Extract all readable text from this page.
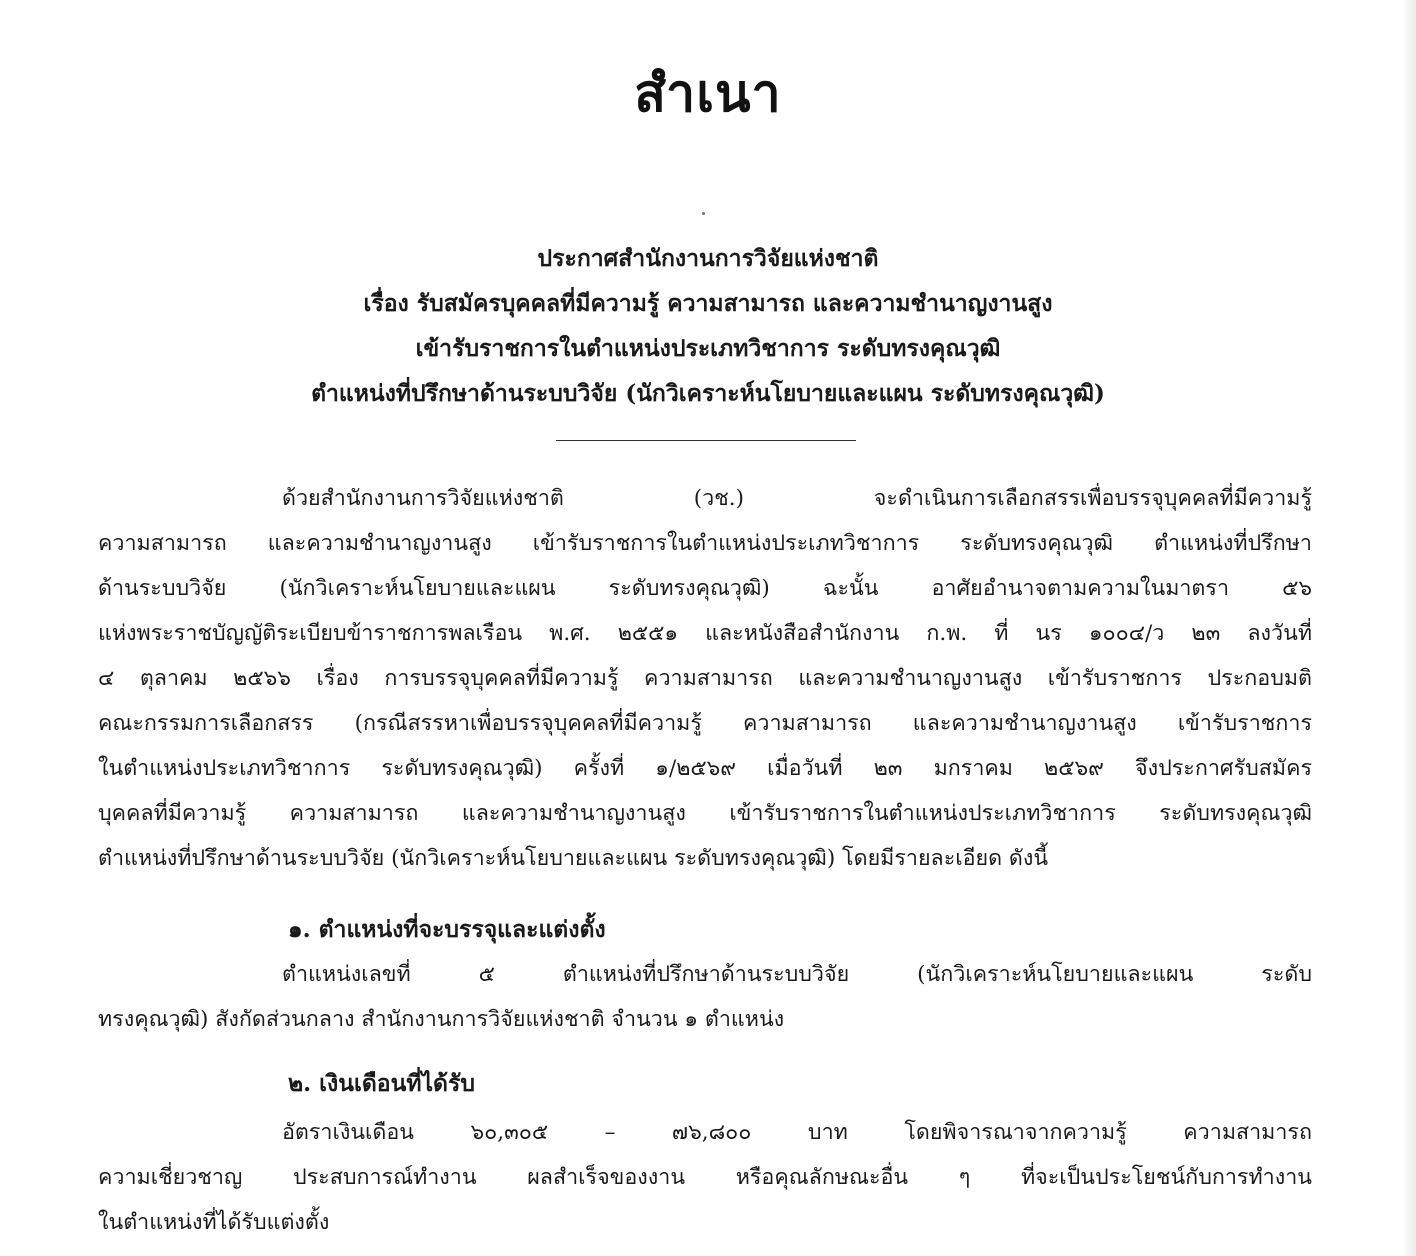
สำเนา
ประกาศสำนักงานการวิจัยแห่งชาติ
เรื่อง รับสมัครบุคคลที่มีความรู้ ความสามารถ และความชำนาญงานสูง
เข้ารับราชการในตำแหน่งประเภทวิชาการ ระดับทรงคุณวุฒิ
ตำแหน่งที่ปรึกษาด้านระบบวิจัย (นักวิเคราะห์นโยบายและแผน ระดับทรงคุณวุฒิ)
ด้วยสำนักงานการวิจัยแห่งชาติ (วช.) จะดำเนินการเลือกสรรเพื่อบรรจุบุคคลที่มีความรู้
ความสามารถ และความชำนาญงานสูง เข้ารับราชการในตำแหน่งประเภทวิชาการ ระดับทรงคุณวุฒิ ตำแหน่งที่ปรึกษา
ด้านระบบวิจัย (นักวิเคราะห์นโยบายและแผน ระดับทรงคุณวุฒิ) ฉะนั้น อาศัยอำนาจตามความในมาตรา ๕๖
แห่งพระราชบัญญัติระเบียบข้าราชการพลเรือน พ.ศ. ๒๕๕๑ และหนังสือสำนักงาน ก.พ. ที่ นร ๑๐๐๔/ว ๒๓ ลงวันที่
๔ ตุลาคม ๒๕๖๖ เรื่อง การบรรจุบุคคลที่มีความรู้ ความสามารถ และความชำนาญงานสูง เข้ารับราชการ ประกอบมติ
คณะกรรมการเลือกสรร (กรณีสรรหาเพื่อบรรจุบุคคลที่มีความรู้ ความสามารถ และความชำนาญงานสูง เข้ารับราชการ
ในตำแหน่งประเภทวิชาการ ระดับทรงคุณวุฒิ) ครั้งที่ ๑/๒๕๖๙ เมื่อวันที่ ๒๓ มกราคม ๒๕๖๙ จึงประกาศรับสมัคร
บุคคลที่มีความรู้ ความสามารถ และความชำนาญงานสูง เข้ารับราชการในตำแหน่งประเภทวิชาการ ระดับทรงคุณวุฒิ
ตำแหน่งที่ปรึกษาด้านระบบวิจัย (นักวิเคราะห์นโยบายและแผน ระดับทรงคุณวุฒิ) โดยมีรายละเอียด ดังนี้
๑. ตำแหน่งที่จะบรรจุและแต่งตั้ง
ตำแหน่งเลขที่ ๕ ตำแหน่งที่ปรึกษาด้านระบบวิจัย (นักวิเคราะห์นโยบายและแผน ระดับ
ทรงคุณวุฒิ) สังกัดส่วนกลาง สำนักงานการวิจัยแห่งชาติ จำนวน ๑ ตำแหน่ง
๒. เงินเดือนที่ได้รับ
อัตราเงินเดือน ๖๐,๓๐๕ – ๗๖,๘๐๐ บาท โดยพิจารณาจากความรู้ ความสามารถ
ความเชี่ยวชาญ ประสบการณ์ทำงาน ผลสำเร็จของงาน หรือคุณลักษณะอื่น ๆ ที่จะเป็นประโยชน์กับการทำงาน
ในตำแหน่งที่ได้รับแต่งตั้ง
